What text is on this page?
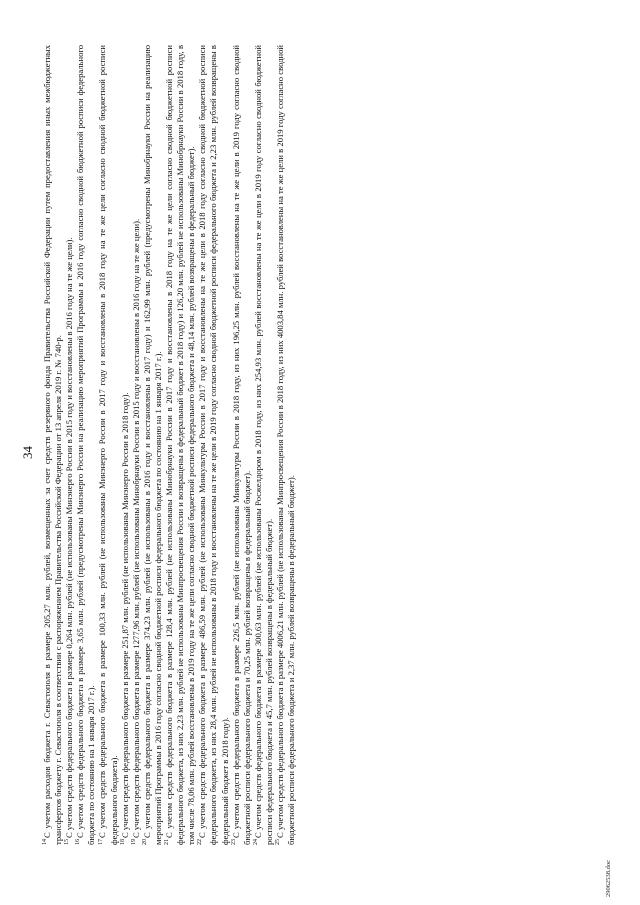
34

$^{14}$С учетом расходов бюджета г. Севастополя в размере 205,27 млн. рублей, возмещенных за счет средств резервного фонда Правительства Российской Федерации путем предоставления иных межбюджетных трансфертов бюджету г. Севастополя в соответствии с распоряжением Правительства Российской Федерации от 13 апреля 2019 г. № 740-р. $^{15}$С учетом средств федерального бюджета в размере 0,264 млн. рублей (не использованы Минэнерго России в 2015 году и восстановлены в 2016 году на те же цели).

$^{16}$С учетом средств федерального бюджета в размере 3,65 млн. рублей (предусмотрены Минэнерго России на реализацию мероприятий Программы в 2016 году согласно сводной бюджетной росписи федерального бюджета по состоянию на 1 января 2017 г.). $^{17}$С учетом средств федерального бюджета в размере 100,33 млн. рублей (не использованы Минэнерго России в 2017 году и восстановлены в 2018 году на те же цели согласно сводной бюджетной росписи федерального бюджета). $^{18}$С учетом средств федерального бюджета в размере 251,87 млн. рублей (не использованы Минэнерго России в 2018 году).

$^{19}$С учетом средств федерального бюджета в размере 1277,96 млн. рублей (не использованы Минобрнауки России в 2015 году и восстановлены в 2016 году на те же цели).

$^{20}$С учетом средств федерального бюджета в размере 374,23 млн. рублей (не использованы в 2016 году и восстановлены в 2017 году) и 162,99 млн. рублей (предусмотрены Минобрнауки России на реализацию мероприятий Программы в 2016 году согласно сводной бюджетной росписи федерального бюджета по состоянию на 1 января 2017 г.). $^{21}$С учетом средств федерального бюджета в размере 128,4 млн. рублей (не использованы Минобрнауки России в 2017 году и восстановлены в 2018 году на те же цели согласно сводной бюджетной росписи федерального бюджета, из них 2,23 млн. рублей не использованы Минпросвещения России и возвращены в федеральный бюджет в 2018 году) и 126,20 млн. рублей не использованы Минобрнауки России в 2018 году, в том числе 78,06 млн. рублей восстановлены в 2019 году на те же цели согласно сводной бюджетной росписи федерального бюджета и 48,14 млн. рублей возвращены в федеральный бюджет). $^{22}$С учетом средств федерального бюджета в размере 486,59 млн. рублей (не использованы Минкультуры России в 2017 году и восстановлены на те же цели в 2018 году согласно сводной бюджетной росписи федерального бюджета, из них 28,4 млн. рублей не использованы в 2018 году и восстановлены на те же цели в 2019 году согласно сводной бюджетной росписи федерального бюджета и 2,23 млн. рублей возвращены в федеральный бюджет в 2018 году). $^{23}$С учетом средств федерального бюджета в размере 226,5 млн. рублей (не использованы Минкультуры России в 2018 году, из них 196,25 млн. рублей восстановлены на те же цели в 2019 году согласно сводной бюджетной росписи федерального бюджета и 70,25 млн. рублей возвращены в федеральный бюджет). $^{24}$С учетом средств федерального бюджета в размере 300,63 млн. рублей (не использованы Росжелдором в 2018 году, из них 254,93 млн. рублей восстановлены на те же цели в 2019 году согласно сводной бюджетной росписи федерального бюджета и 45,7 млн. рублей возвращены в федеральный бюджет). $^{25}$С учетом средств федерального бюджета в размере 4006,21 млн. рублей (не использованы Минпросвещения России в 2018 году, из них 4003,84 млн. рублей восстановлены на те же цели в 2019 году согласно сводной бюджетной росписи федерального бюджета и 2,37 млн. рублей возвращены в федеральный бюджет).

29062538.doc
